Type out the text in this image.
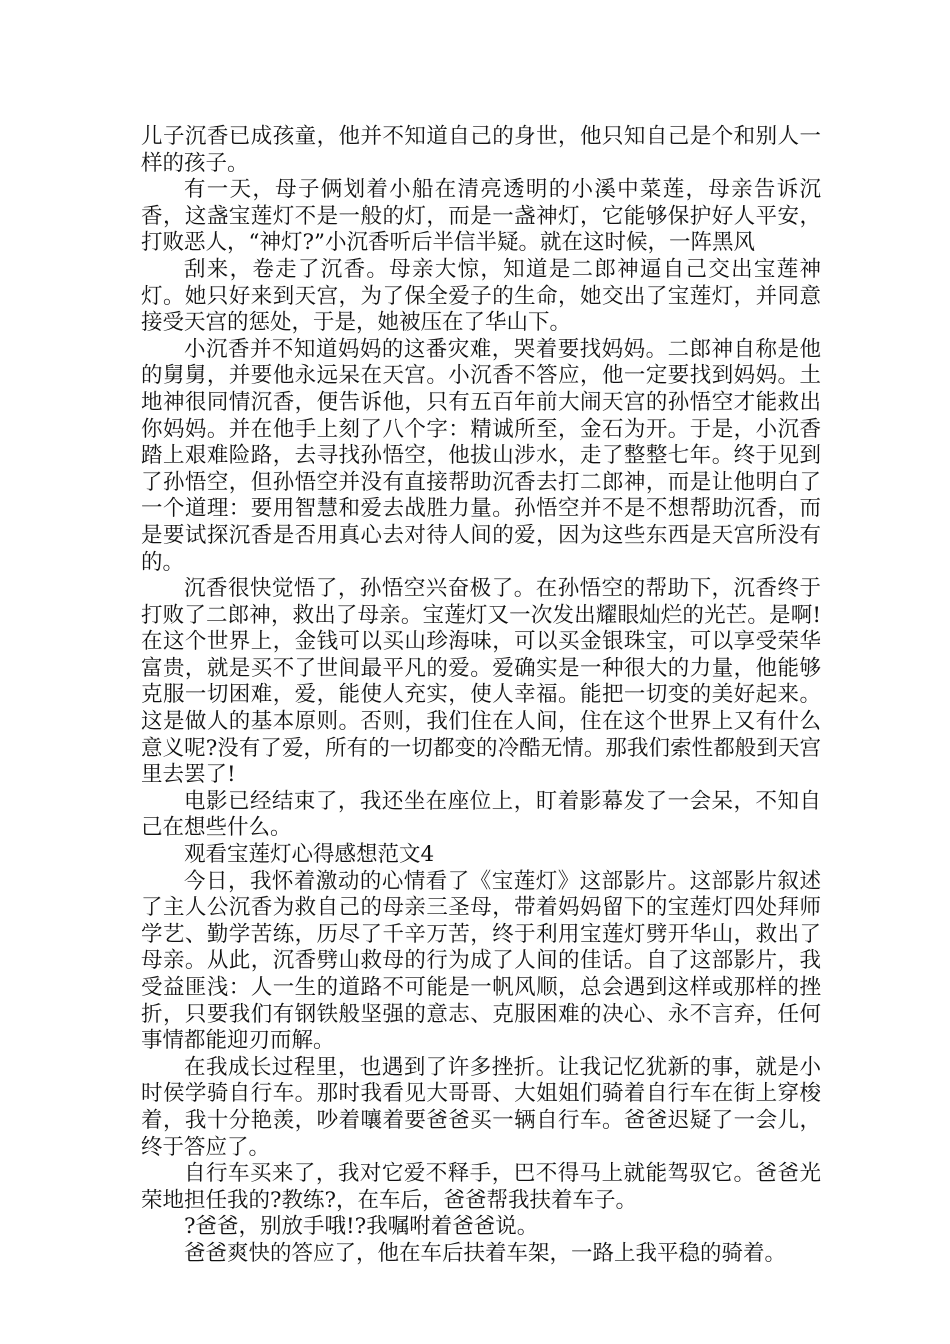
儿子沉香已成孩童，他并不知道自己的身世，他只知自己是个和别人一样的孩子。

有一天，母子俩划着小船在清亮透明的小溪中菜莲，母亲告诉沉香，这盏宝莲灯不是一般的灯，而是一盏神灯，它能够保护好人平安，打败恶人，“神灯?”小沉香听后半信半疑。就在这时候，一阵黑风

刮来，卷走了沉香。母亲大惊，知道是二郎神逼自己交出宝莲神灯。她只好来到天宫，为了保全爱子的生命，她交出了宝莲灯，并同意接受天宫的惩处，于是，她被压在了华山下。

小沉香并不知道妈妈的这番灾难，哭着要找妈妈。二郎神自称是他的舅舅，并要他永远呆在天宫。小沉香不答应，他一定要找到妈妈。土地神很同情沉香，便告诉他，只有五百年前大闹天宫的孙悟空才能救出你妈妈。并在他手上刻了八个字：精诚所至，金石为开。于是，小沉香踏上艰难险路，去寻找孙悟空，他拔山涉水，走了整整七年。终于见到了孙悟空，但孙悟空并没有直接帮助沉香去打二郎神，而是让他明白了一个道理：要用智慧和爱去战胜力量。孙悟空并不是不想帮助沉香，而是要试探沉香是否用真心去对待人间的爱，因为这些东西是天宫所没有的。

沉香很快觉悟了，孙悟空兴奋极了。在孙悟空的帮助下，沉香终于打败了二郎神，救出了母亲。宝莲灯又一次发出耀眼灿烂的光芒。是啊!在这个世界上，金钱可以买山珍海味，可以买金银珠宝，可以享受荣华富贵，就是买不了世间最平凡的爱。爱确实是一种很大的力量，他能够克服一切困难，爱，能使人充实，使人幸福。能把一切变的美好起来。这是做人的基本原则。否则，我们住在人间，住在这个世界上又有什么意义呢?没有了爱，所有的一切都变的冷酷无情。那我们索性都般到天宫里去罢了!

电影已经结束了，我还坐在座位上，盯着影幕发了一会呆，不知自己在想些什么。

观看宝莲灯心得感想范文4

今日，我怀着激动的心情看了《宝莲灯》这部影片。这部影片叙述了主人公沉香为救自己的母亲三圣母，带着妈妈留下的宝莲灯四处拜师学艺、勤学苦练，历尽了千辛万苦，终于利用宝莲灯劈开华山，救出了母亲。从此，沉香劈山救母的行为成了人间的佳话。自了这部影片，我受益匪浅：人一生的道路不可能是一帆风顺，总会遇到这样或那样的挫折，只要我们有钢铁般坚强的意志、克服困难的决心、永不言弃，任何事情都能迎刃而解。

在我成长过程里，也遇到了许多挫折。让我记忆犹新的事，就是小时侯学骑自行车。那时我看见大哥哥、大姐姐们骑着自行车在街上穿梭着，我十分艳羡，吵着嚷着要爸爸买一辆自行车。爸爸迟疑了一会儿，终于答应了。

自行车买来了，我对它爱不释手，巴不得马上就能驾驭它。爸爸光荣地担任我的?教练?，在车后，爸爸帮我扶着车子。

?爸爸，别放手哦!?我嘱咐着爸爸说。

爸爸爽快的答应了，他在车后扶着车架，一路上我平稳的骑着。
